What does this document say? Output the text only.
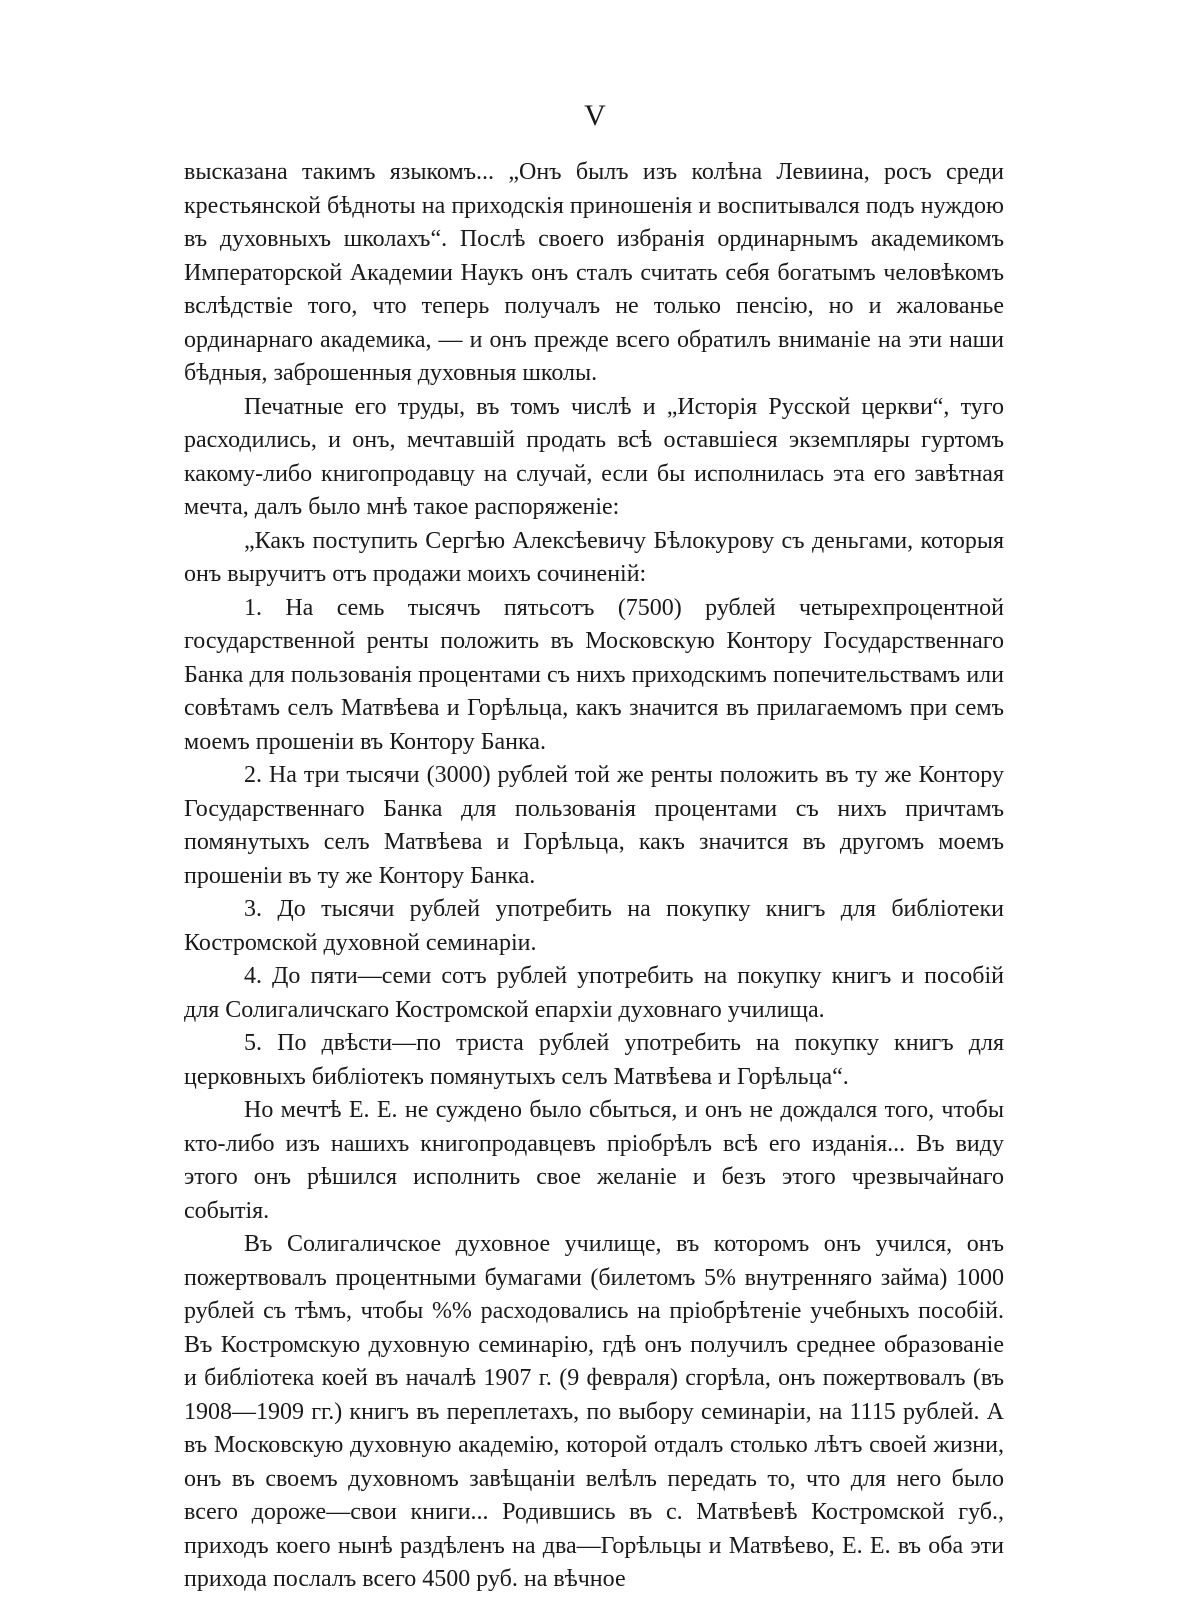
V

высказана такимъ языкомъ... „Онъ былъ изъ колѣна Левиина, росъ среди крестьянской бѣдноты на приходскія приношенія и воспитывался подъ нуждою въ духовныхъ школахъ“. Послѣ своего избранія ординарнымъ академикомъ Императорской Академии Наукъ онъ сталъ считать себя богатымъ человѣкомъ вслѣдствіе того, что теперь получалъ не только пенсію, но и жалованье ординарнаго академика, — и онъ прежде всего обратилъ вниманіе на эти наши бѣдныя, заброшенныя духовныя школы.

Печатные его труды, въ томъ числѣ и „Исторія Русской церкви“, туго расходились, и онъ, мечтавшій продать всѣ оставшіеся экземпляры гуртомъ какому-либо книгопродавцу на случай, если бы исполнилась эта его завѣтная мечта, далъ было мнѣ такое распоряженіе:

„Какъ поступить Сергѣю Алексѣевичу Бѣлокурову съ деньгами, которыя онъ выручитъ отъ продажи моихъ сочиненій:

1. На семь тысячъ пятьсотъ (7500) рублей четырехпроцентной государственной ренты положить въ Московскую Контору Государственнаго Банка для пользованія процентами съ нихъ приходскимъ попечительствамъ или совѣтамъ селъ Матвѣева и Горѣльца, какъ значится въ прилагаемомъ при семъ моемъ прошеніи въ Контору Банка.

2. На три тысячи (3000) рублей той же ренты положить въ ту же Контору Государственнаго Банка для пользованія процентами съ нихъ причтамъ помянутыхъ селъ Матвѣева и Горѣльца, какъ значится въ другомъ моемъ прошеніи въ ту же Контору Банка.

3. До тысячи рублей употребить на покупку книгъ для библіотеки Костромской духовной семинаріи.

4. До пяти—семи сотъ рублей употребить на покупку книгъ и пособій для Солигаличскаго Костромской епархіи духовнаго училища.

5. По двѣсти—по триста рублей употребить на покупку книгъ для церковныхъ библіотекъ помянутыхъ селъ Матвѣева и Горѣльца“.

Но мечтѣ Е. Е. не суждено было сбыться, и онъ не дождался того, чтобы кто-либо изъ нашихъ книгопродавцевъ пріобрѣлъ всѣ его изданія... Въ виду этого онъ рѣшился исполнить свое желаніе и безъ этого чрезвычайнаго событія.

Въ Солигаличское духовное училище, въ которомъ онъ учился, онъ пожертвовалъ процентными бумагами (билетомъ 5% внутренняго займа) 1000 рублей съ тѣмъ, чтобы %% расходовались на пріобрѣтеніе учебныхъ пособій. Въ Костромскую духовную семинарію, гдѣ онъ получилъ среднее образованіе и библіотека коей въ началѣ 1907 г. (9 февраля) сгорѣла, онъ пожертвовалъ (въ 1908—1909 гг.) книгъ въ переплетахъ, по выбору семинаріи, на 1115 рублей. А въ Московскую духовную академію, которой отдалъ столько лѣтъ своей жизни, онъ въ своемъ духовномъ завѣщаніи велѣлъ передать то, что для него было всего дороже—свои книги... Родившись въ с. Матвѣевѣ Костромской губ., приходъ коего нынѣ раздѣленъ на два—Горѣльцы и Матвѣево, Е. Е. въ оба эти прихода послалъ всего 4500 руб. на вѣчное
